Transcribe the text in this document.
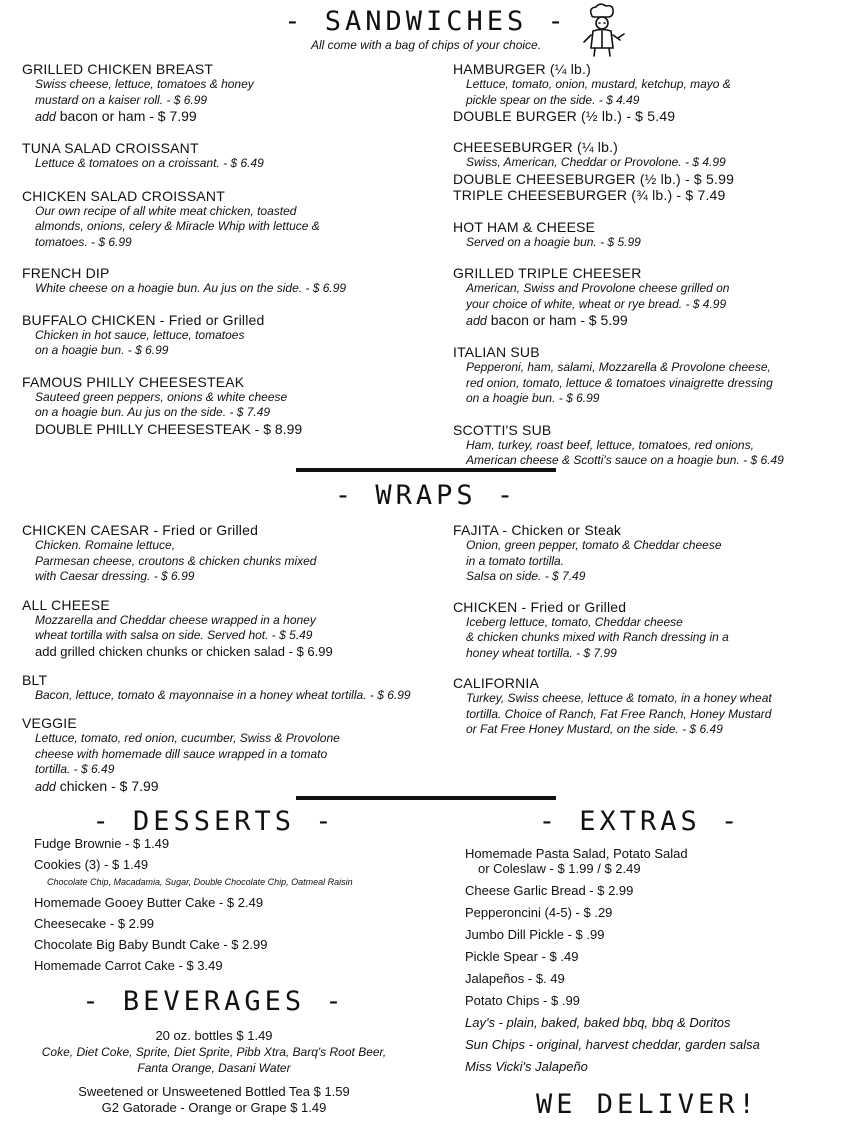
- SANDWICHES -
All come with a bag of chips of your choice.
GRILLED CHICKEN BREAST
Swiss cheese, lettuce, tomatoes & honey
mustard on a kaiser roll. - $ 6.99
add bacon or ham - $ 7.99
TUNA SALAD CROISSANT
Lettuce & tomatoes on a croissant. - $ 6.49
CHICKEN SALAD CROISSANT
Our own recipe of all white meat chicken, toasted
almonds, onions, celery & Miracle Whip with lettuce &
tomatoes. - $ 6.99
FRENCH DIP
White cheese on a hoagie bun. Au jus on the side. - $ 6.99
BUFFALO CHICKEN - Fried or Grilled
Chicken in hot sauce, lettuce, tomatoes
on a hoagie bun. - $ 6.99
FAMOUS PHILLY CHEESESTEAK
Sauteed green peppers, onions & white cheese
on a hoagie bun. Au jus on the side. - $ 7.49
DOUBLE PHILLY CHEESESTEAK - $ 8.99
HAMBURGER (¼ lb.)
Lettuce, tomato, onion, mustard, ketchup, mayo &
pickle spear on the side. - $ 4.49
DOUBLE BURGER (½ lb.) - $ 5.49
CHEESEBURGER (¼ lb.)
Swiss, American, Cheddar or Provolone. - $ 4.99
DOUBLE CHEESEBURGER (½ lb.) - $ 5.99
TRIPLE CHEESEBURGER (¾ lb.) - $ 7.49
HOT HAM & CHEESE
Served on a hoagie bun. - $ 5.99
GRILLED TRIPLE CHEESER
American, Swiss and Provolone cheese grilled on
your choice of white, wheat or rye bread. - $ 4.99
add bacon or ham - $ 5.99
ITALIAN SUB
Pepperoni, ham, salami, Mozzarella & Provolone cheese,
red onion, tomato, lettuce & tomatoes vinaigrette dressing
on a hoagie bun. - $ 6.99
SCOTTI'S SUB
Ham, turkey, roast beef, lettuce, tomatoes, red onions,
American cheese & Scotti's sauce on a hoagie bun. - $ 6.49
- WRAPS -
CHICKEN CAESAR - Fried or Grilled
Chicken. Romaine lettuce,
Parmesan cheese, croutons & chicken chunks mixed
with Caesar dressing. - $ 6.99
ALL CHEESE
Mozzarella and Cheddar cheese wrapped in a honey
wheat tortilla with salsa on side. Served hot. - $ 5.49
add grilled chicken chunks or chicken salad - $ 6.99
BLT
Bacon, lettuce, tomato & mayonnaise in a honey wheat tortilla. - $ 6.99
VEGGIE
Lettuce, tomato, red onion, cucumber, Swiss & Provolone
cheese with homemade dill sauce wrapped in a tomato
tortilla. - $ 6.49
add chicken - $ 7.99
FAJITA - Chicken or Steak
Onion, green pepper, tomato & Cheddar cheese
in a tomato tortilla.
Salsa on side. - $ 7.49
CHICKEN - Fried or Grilled
Iceberg lettuce, tomato, Cheddar cheese
& chicken chunks mixed with Ranch dressing in a
honey wheat tortilla. - $ 7.99
CALIFORNIA
Turkey, Swiss cheese, lettuce & tomato, in a honey wheat
tortilla. Choice of Ranch, Fat Free Ranch, Honey Mustard
or Fat Free Honey Mustard, on the side. - $ 6.49
- DESSERTS -
Fudge Brownie - $ 1.49
Cookies (3) - $ 1.49
Chocolate Chip, Macadamia, Sugar, Double Chocolate Chip, Oatmeal Raisin
Homemade Gooey Butter Cake - $ 2.49
Cheesecake - $ 2.99
Chocolate Big Baby Bundt Cake - $ 2.99
Homemade Carrot Cake - $ 3.49
- BEVERAGES -
20 oz. bottles $ 1.49
Coke, Diet Coke, Sprite, Diet Sprite, Pibb Xtra, Barq's Root Beer,
Fanta Orange, Dasani Water
Sweetened or Unsweetened Bottled Tea $ 1.59
G2 Gatorade - Orange or Grape $ 1.49
- EXTRAS -
Homemade Pasta Salad, Potato Salad
or Coleslaw - $ 1.99 / $ 2.49
Cheese Garlic Bread - $ 2.99
Pepperoncini (4-5) - $ .29
Jumbo Dill Pickle - $ .99
Pickle Spear - $ .49
Jalapeños - $. 49
Potato Chips - $ .99
Lay's - plain, baked, baked bbq, bbq & Doritos
Sun Chips - original, harvest cheddar, garden salsa
Miss Vicki's Jalapeño
WE DELIVER!
